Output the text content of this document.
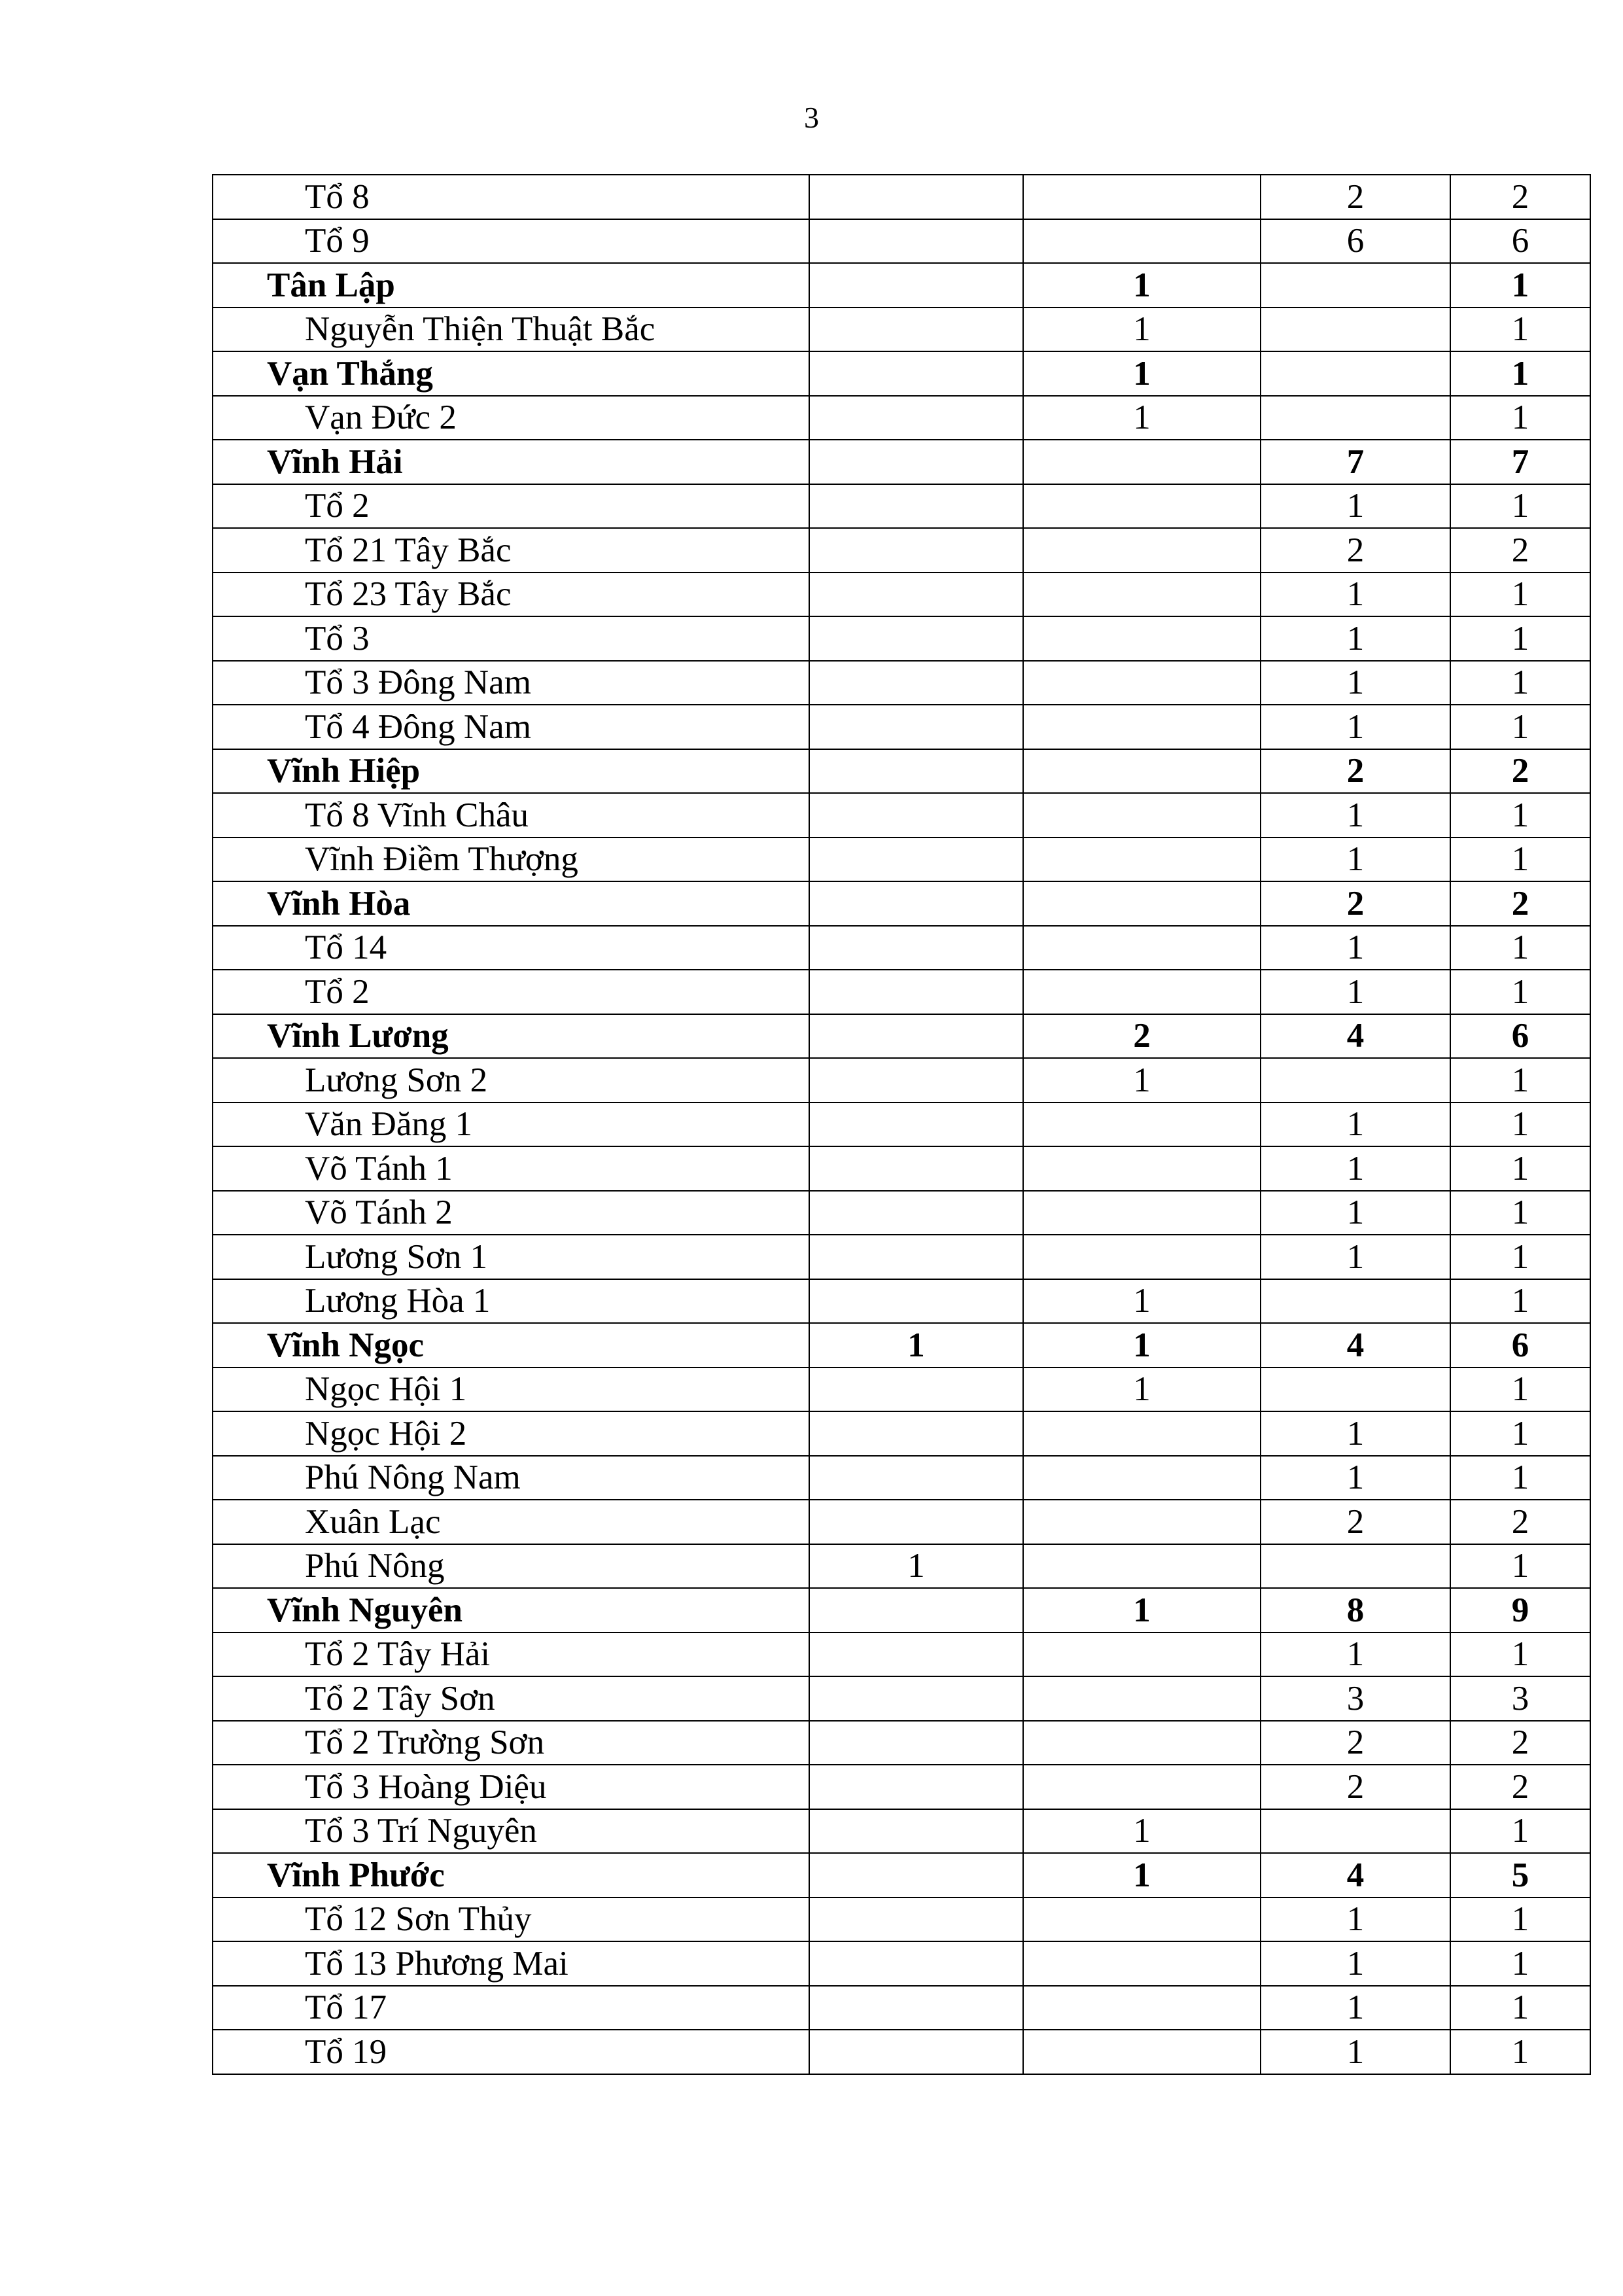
3
Tổ 8			2	2
Tổ 9			6	6
Tân Lập		1		1
Nguyễn Thiện Thuật Bắc		1		1
Vạn Thắng		1		1
Vạn Đức 2		1		1
Vĩnh Hải			7	7
Tổ 2			1	1
Tổ 21 Tây Bắc			2	2
Tổ 23 Tây Bắc			1	1
Tổ 3			1	1
Tổ 3 Đông Nam			1	1
Tổ 4 Đông Nam			1	1
Vĩnh Hiệp			2	2
Tổ 8 Vĩnh Châu			1	1
Vĩnh Điềm Thượng			1	1
Vĩnh Hòa			2	2
Tổ 14			1	1
Tổ 2			1	1
Vĩnh Lương		2	4	6
Lương Sơn 2		1		1
Văn Đăng 1			1	1
Võ Tánh 1			1	1
Võ Tánh 2			1	1
Lương Sơn 1			1	1
Lương Hòa 1		1		1
Vĩnh Ngọc	1	1	4	6
Ngọc Hội 1		1		1
Ngọc Hội 2			1	1
Phú Nông Nam			1	1
Xuân Lạc			2	2
Phú Nông	1			1
Vĩnh Nguyên		1	8	9
Tổ 2 Tây Hải			1	1
Tổ 2 Tây Sơn			3	3
Tổ 2 Trường Sơn			2	2
Tổ 3 Hoàng Diệu			2	2
Tổ 3 Trí Nguyên		1		1
Vĩnh Phước		1	4	5
Tổ 12 Sơn Thủy			1	1
Tổ 13 Phương Mai			1	1
Tổ 17			1	1
Tổ 19			1	1
